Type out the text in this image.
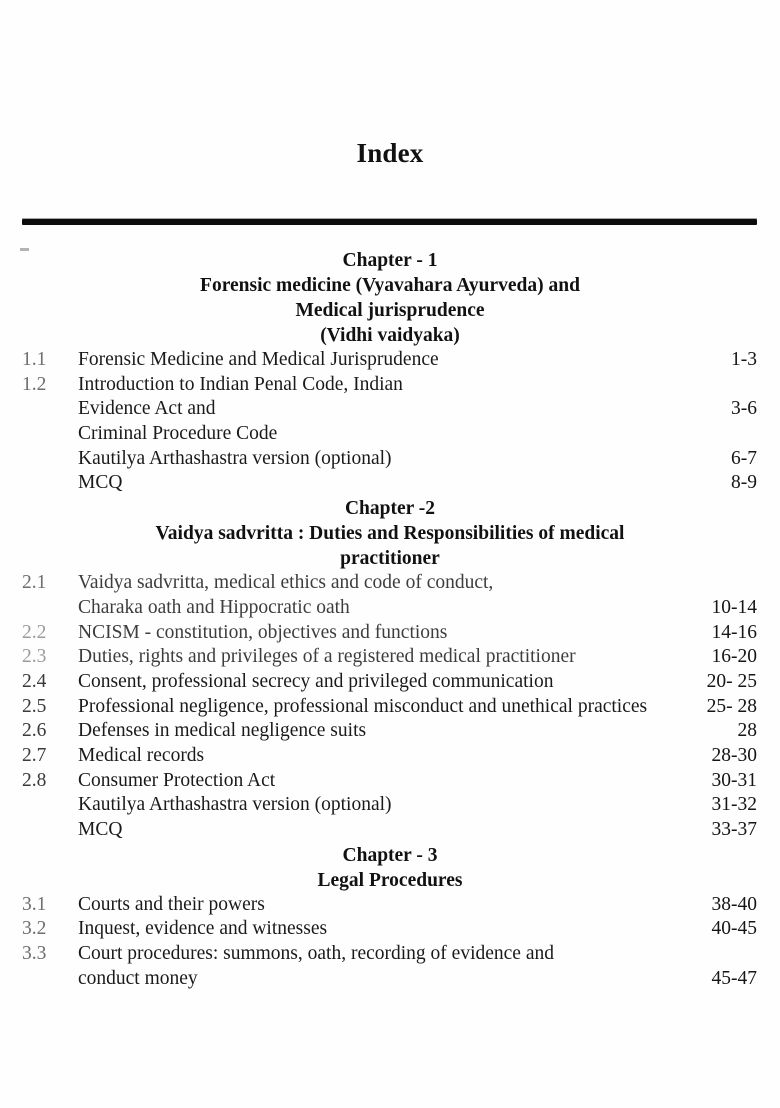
Index
Chapter - 1
Forensic medicine (Vyavahara Ayurveda) and
Medical jurisprudence
(Vidhi vaidyaka)
1.1	Forensic Medicine and Medical Jurisprudence	1-3
1.2	Introduction to Indian Penal Code, Indian
Evidence Act and	3-6
Criminal Procedure Code
Kautilya Arthashastra version (optional)	6-7
MCQ	8-9
Chapter -2
Vaidya sadvritta : Duties and Responsibilities of medical
practitioner
2.1	Vaidya sadvritta, medical ethics and code of conduct,
Charaka oath and Hippocratic oath	10-14
2.2	NCISM - constitution, objectives and functions	14-16
2.3	Duties, rights and privileges of a registered medical practitioner	16-20
2.4	Consent, professional secrecy and privileged communication	20- 25
2.5	Professional negligence, professional misconduct and unethical practices	25- 28
2.6	Defenses in medical negligence suits	28
2.7	Medical records	28-30
2.8	Consumer Protection Act	30-31
Kautilya Arthashastra version (optional)	31-32
MCQ	33-37
Chapter - 3
Legal Procedures
3.1	Courts and their powers	38-40
3.2	Inquest, evidence and witnesses	40-45
3.3	Court procedures: summons, oath, recording of evidence and
conduct money	45-47
